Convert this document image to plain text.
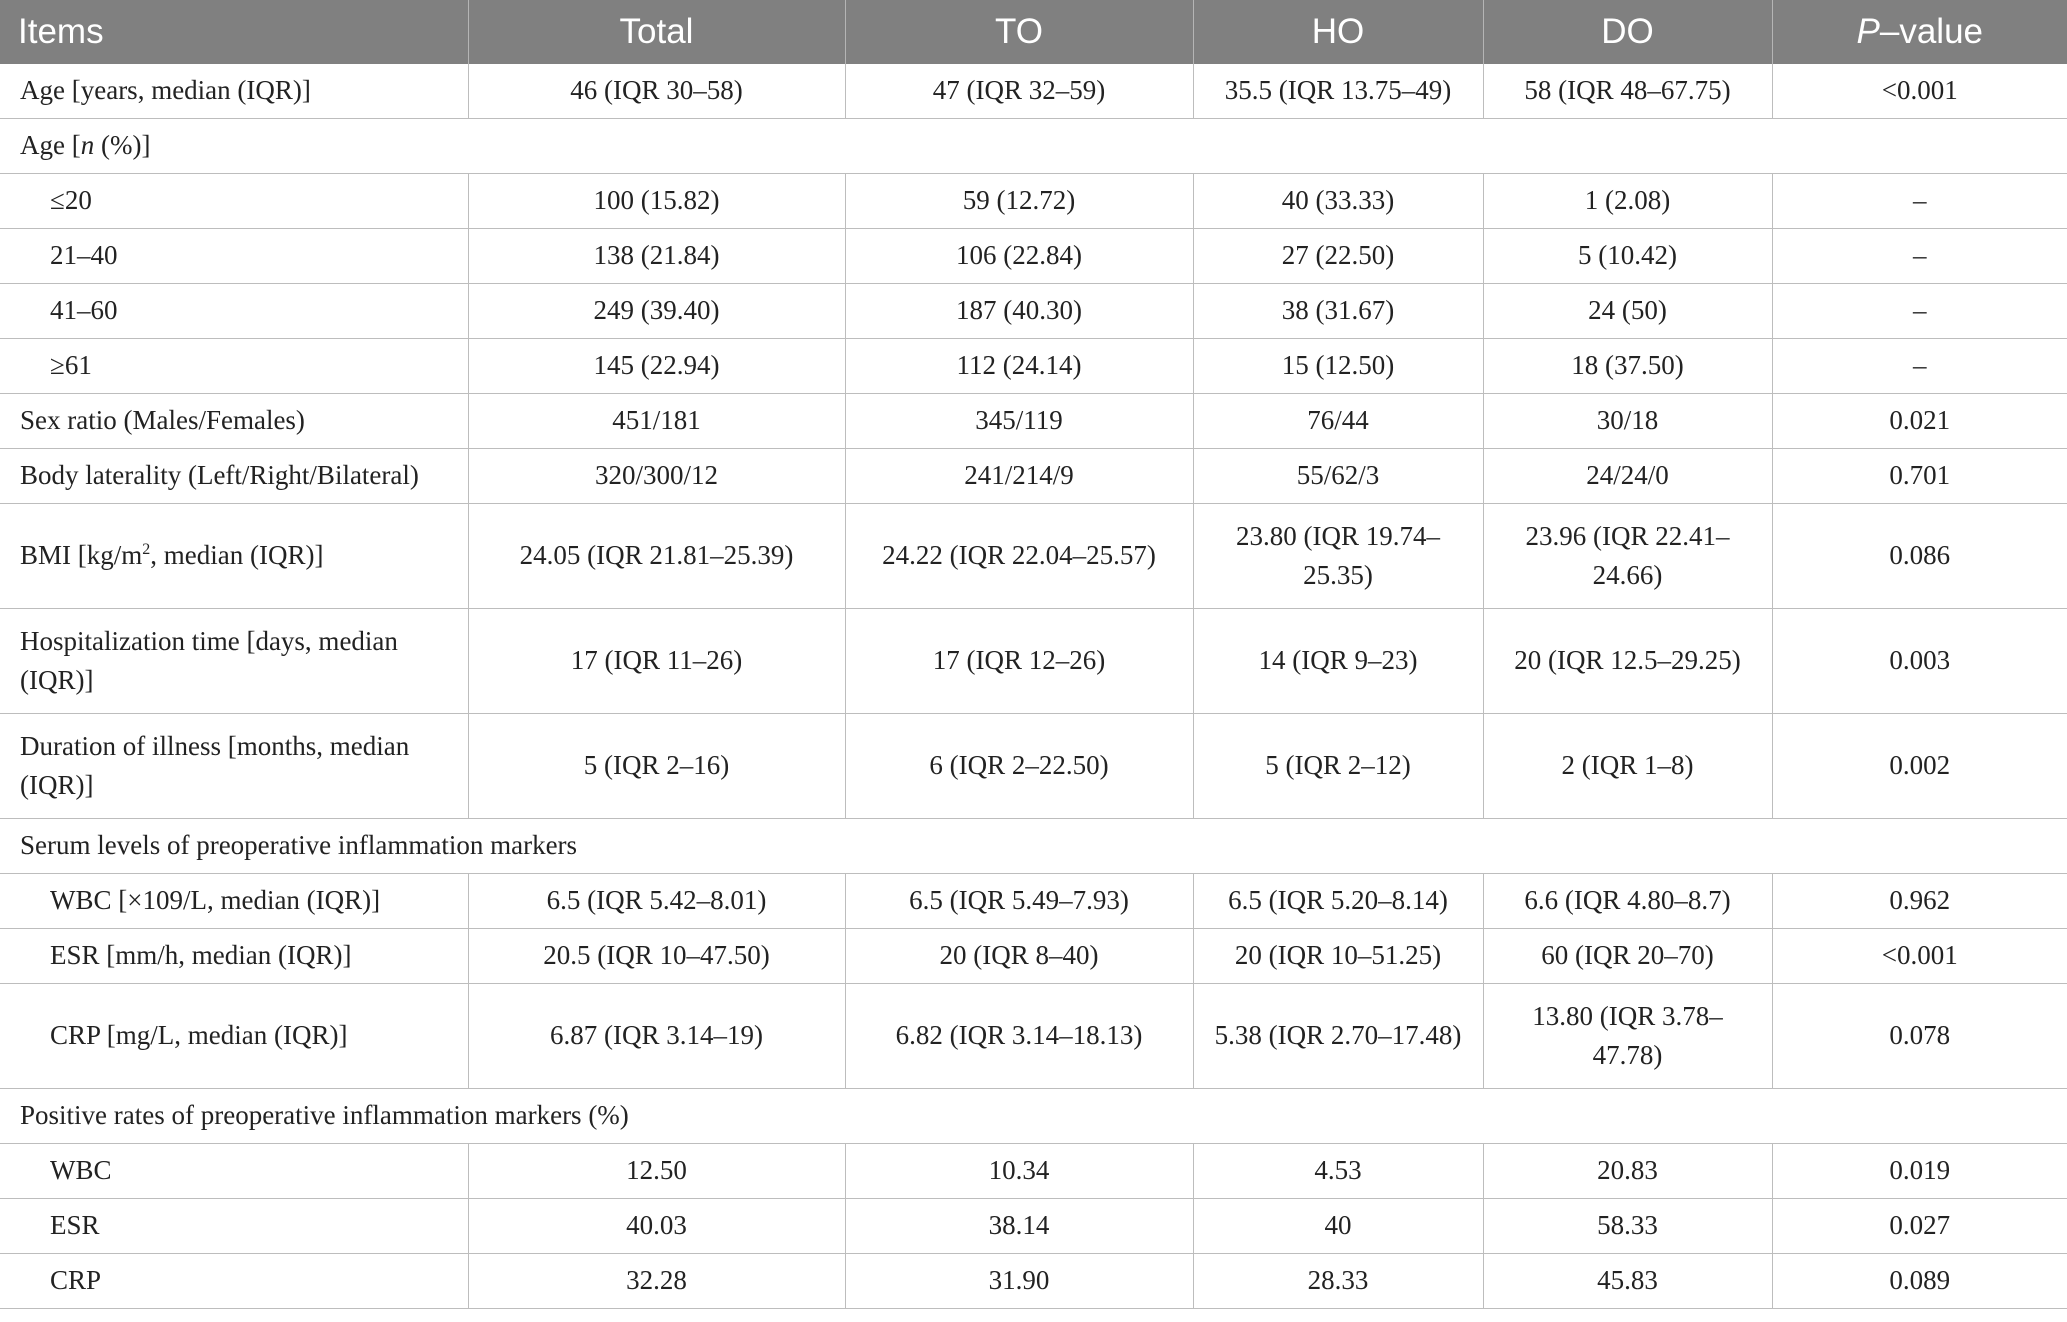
Items	Total	TO	HO	DO	P–value
Age [years, median (IQR)]	46 (IQR 30–58)	47 (IQR 32–59)	35.5 (IQR 13.75–49)	58 (IQR 48–67.75)	<0.001
Age [n (%)]					
≤20	100 (15.82)	59 (12.72)	40 (33.33)	1 (2.08)	–
21–40	138 (21.84)	106 (22.84)	27 (22.50)	5 (10.42)	–
41–60	249 (39.40)	187 (40.30)	38 (31.67)	24 (50)	–
≥61	145 (22.94)	112 (24.14)	15 (12.50)	18 (37.50)	–
Sex ratio (Males/Females)	451/181	345/119	76/44	30/18	0.021
Body laterality (Left/Right/Bilateral)	320/300/12	241/214/9	55/62/3	24/24/0	0.701
BMI [$kg/m^2$, median (IQR)]	24.05 (IQR 21.81–25.39)	24.22 (IQR 22.04–25.57)	23.80 (IQR 19.74–25.35)	23.96 (IQR 22.41–24.66)	0.086
Hospitalization time [days, median (IQR)]	17 (IQR 11–26)	17 (IQR 12–26)	14 (IQR 9–23)	20 (IQR 12.5–29.25)	0.003
Duration of illness [months, median (IQR)]	5 (IQR 2–16)	6 (IQR 2–22.50)	5 (IQR 2–12)	2 (IQR 1–8)	0.002
Serum levels of preoperative inflammation markers					
WBC [×109/L, median (IQR)]	6.5 (IQR 5.42–8.01)	6.5 (IQR 5.49–7.93)	6.5 (IQR 5.20–8.14)	6.6 (IQR 4.80–8.7)	0.962
ESR [mm/h, median (IQR)]	20.5 (IQR 10–47.50)	20 (IQR 8–40)	20 (IQR 10–51.25)	60 (IQR 20–70)	<0.001
CRP [mg/L, median (IQR)]	6.87 (IQR 3.14–19)	6.82 (IQR 3.14–18.13)	5.38 (IQR 2.70–17.48)	13.80 (IQR 3.78–47.78)	0.078
Positive rates of preoperative inflammation markers (%)					
WBC	12.50	10.34	4.53	20.83	0.019
ESR	40.03	38.14	40	58.33	0.027
CRP	32.28	31.90	28.33	45.83	0.089
